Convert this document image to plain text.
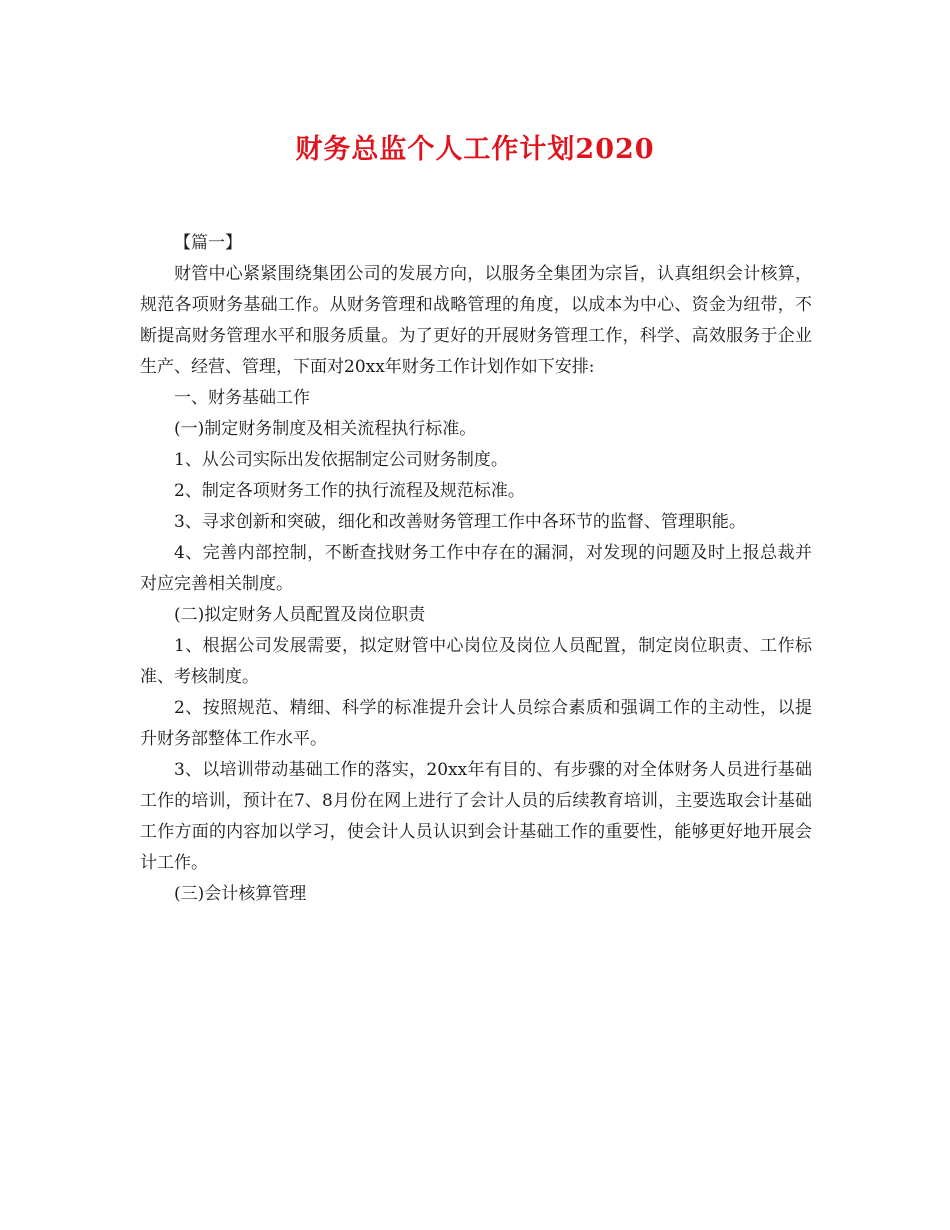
财务总监个人工作计划2020

【篇一】

财管中心紧紧围绕集团公司的发展方向，以服务全集团为宗旨，认真组织会计核算，规范各项财务基础工作。从财务管理和战略管理的角度，以成本为中心、资金为纽带，不断提高财务管理水平和服务质量。为了更好的开展财务管理工作，科学、高效服务于企业生产、经营、管理，下面对20xx年财务工作计划作如下安排:

一、财务基础工作

(一)制定财务制度及相关流程执行标准。

1、从公司实际出发依据制定公司财务制度。

2、制定各项财务工作的执行流程及规范标准。

3、寻求创新和突破，细化和改善财务管理工作中各环节的监督、管理职能。

4、完善内部控制，不断查找财务工作中存在的漏洞，对发现的问题及时上报总裁并对应完善相关制度。

(二)拟定财务人员配置及岗位职责

1、根据公司发展需要，拟定财管中心岗位及岗位人员配置，制定岗位职责、工作标准、考核制度。

2、按照规范、精细、科学的标准提升会计人员综合素质和强调工作的主动性，以提升财务部整体工作水平。

3、以培训带动基础工作的落实，20xx年有目的、有步骤的对全体财务人员进行基础工作的培训，预计在7、8月份在网上进行了会计人员的后续教育培训，主要选取会计基础工作方面的内容加以学习，使会计人员认识到会计基础工作的重要性，能够更好地开展会计工作。

(三)会计核算管理
